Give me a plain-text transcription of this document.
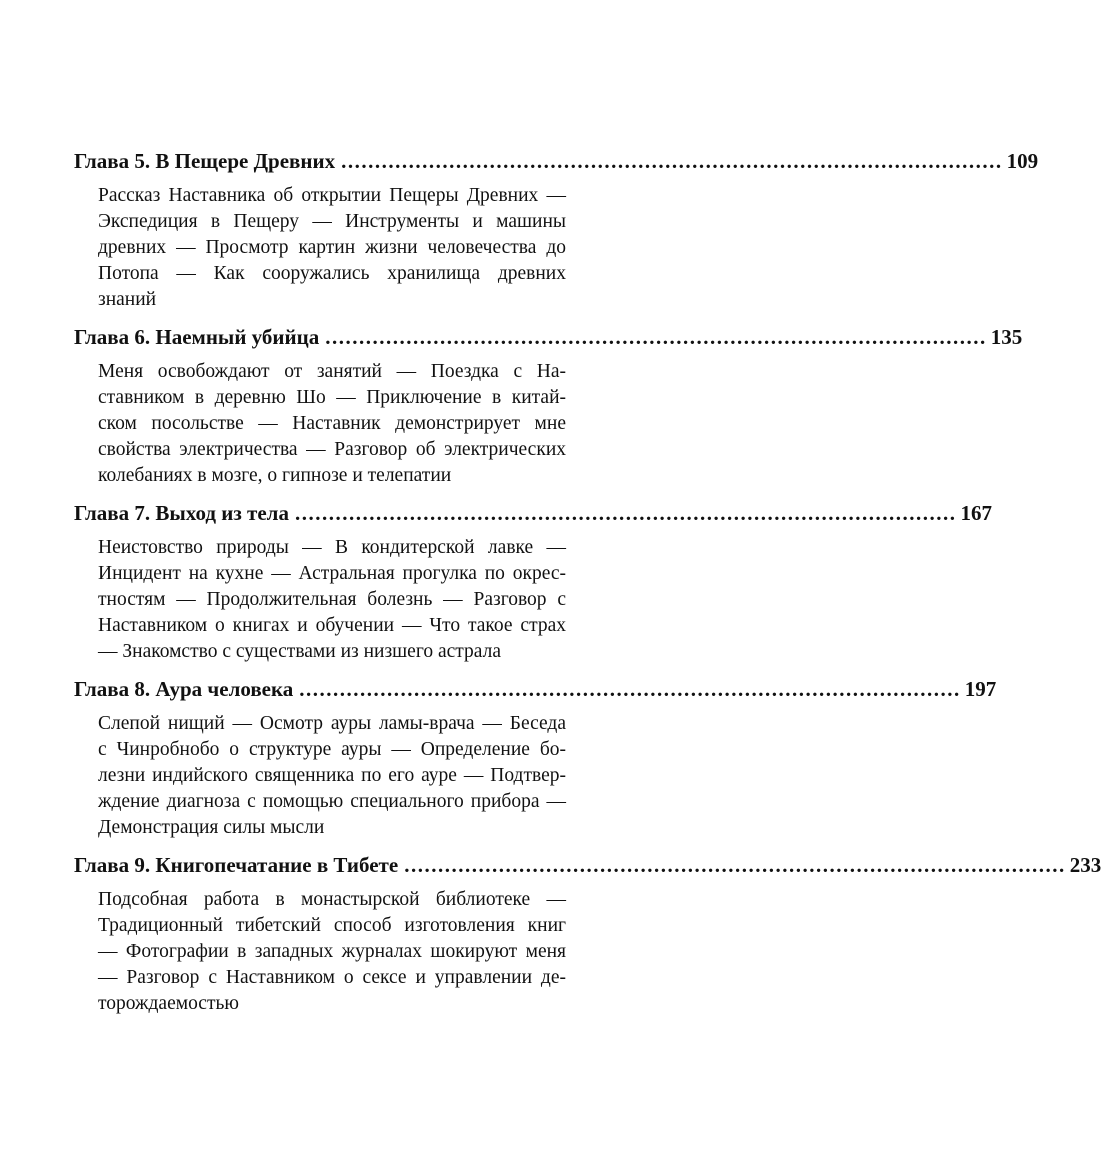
Глава 5. В Пещере Древних .................................................................................................. 109
Рассказ Наставника об открытии Пещеры Древних —
Экспедиция в Пещеру — Инструменты и машины
древних — Просмотр картин жизни человечества до
Потопа — Как сооружались хранилища древних
знаний
Глава 6. Наемный убийца .................................................................................................. 135
Меня освобождают от занятий — Поездка с На-
ставником в деревню Шо — Приключение в китай-
ском посольстве — Наставник демонстрирует мне
свойства электричества — Разговор об электрических
колебаниях в мозге, о гипнозе и телепатии
Глава 7. Выход из тела .................................................................................................. 167
Неистовство природы — В кондитерской лавке —
Инцидент на кухне — Астральная прогулка по окрес-
тностям — Продолжительная болезнь — Разговор с
Наставником о книгах и обучении — Что такое страх
— Знакомство с существами из низшего астрала
Глава 8. Аура человека .................................................................................................. 197
Слепой нищий — Осмотр ауры ламы-врача — Беседа
с Чинробнобо о структуре ауры — Определение бо-
лезни индийского священника по его ауре — Подтвер-
ждение диагноза с помощью специального прибора —
Демонстрация силы мысли
Глава 9. Книгопечатание в Тибете .................................................................................................. 233
Подсобная работа в монастырской библиотеке —
Традиционный тибетский способ изготовления книг
— Фотографии в западных журналах шокируют меня
— Разговор с Наставником о сексе и управлении де-
торождаемостью
